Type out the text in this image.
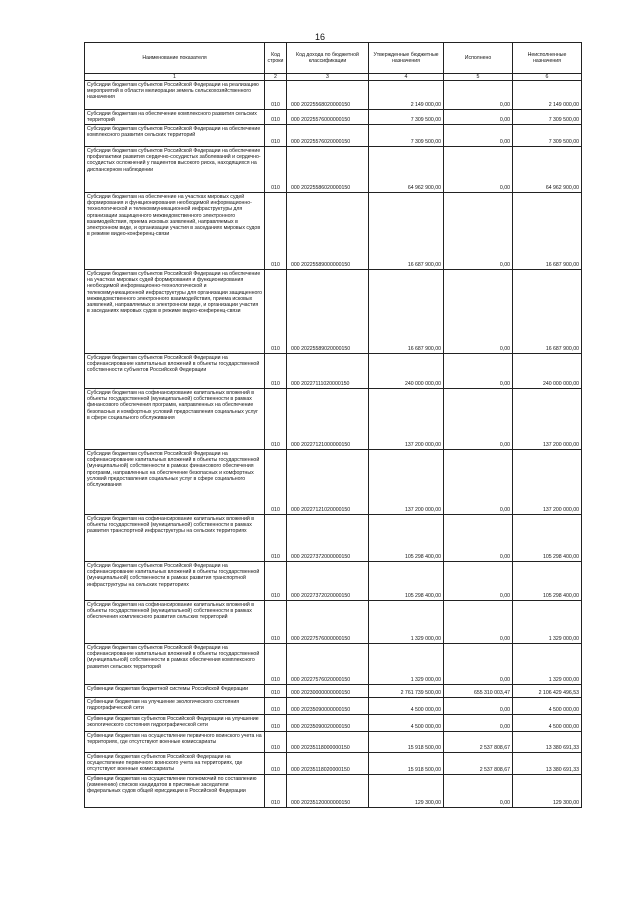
16
Наименование показателя	Код строки	Код дохода по бюджетной классификации	Утвержденные бюджетные назначения	Исполнено	Неисполненные назначения
1	2	3	4	5	6
Субсидии бюджетам субъектов Российской Федерации на реализацию мероприятий в области мелиорации земель сельскохозяйственного назначения	010	000 20225568020000150	2 149 000,00	0,00	2 149 000,00
Субсидии бюджетам на обеспечение комплексного развития сельских территорий	010	000 20225576000000150	7 309 500,00	0,00	7 309 500,00
Субсидии бюджетам субъектов Российской Федерации на обеспечение комплексного развития сельских территорий	010	000 20225576020000150	7 309 500,00	0,00	7 309 500,00
Субсидии бюджетам субъектов Российской Федерации на обеспечение профилактики развития сердечно-сосудистых заболеваний и сердечно-сосудистых осложнений у пациентов высокого риска, находящихся на диспансерном наблюдении	010	000 20225586020000150	64 962 900,00	0,00	64 962 900,00
Субсидии бюджетам на обеспечение на участках мировых судей формирования и функционирования необходимой информационно-технологической и телекоммуникационной инфраструктуры для организации защищенного межведомственного электронного взаимодействия, приема исковых заявлений, направляемых в электронном виде, и организации участия в заседаниях мировых судов в режиме видео-конференц-связи	010	000 20225589000000150	16 687 900,00	0,00	16 687 900,00
Субсидии бюджетам субъектов Российской Федерации на обеспечение на участках мировых судей формирования и функционирования необходимой информационно-технологической и телекоммуникационной инфраструктуры для организации защищенного межведомственного электронного взаимодействия, приема исковых заявлений, направляемых в электронном виде, и организации участия в заседаниях мировых судов в режиме видео-конференц-связи	010	000 20225589020000150	16 687 900,00	0,00	16 687 900,00
Субсидии бюджетам субъектов Российской Федерации на софинансирование капитальных вложений в объекты государственной собственности субъектов Российской Федерации	010	000 20227111020000150	240 000 000,00	0,00	240 000 000,00
Субсидии бюджетам на софинансирование капитальных вложений в объекты государственной (муниципальной) собственности в рамках финансового обеспечения программ, направленных на обеспечение безопасных и комфортных условий предоставления социальных услуг в сфере социального обслуживания	010	000 20227121000000150	137 200 000,00	0,00	137 200 000,00
Субсидии бюджетам субъектов Российской Федерации на софинансирование капитальных вложений в объекты государственной (муниципальной) собственности в рамках финансового обеспечения программ, направленных на обеспечение безопасных и комфортных условий предоставления социальных услуг в сфере социального обслуживания	010	000 20227121020000150	137 200 000,00	0,00	137 200 000,00
Субсидии бюджетам на софинансирование капитальных вложений в объекты государственной (муниципальной) собственности в рамках развития транспортной инфраструктуры на сельских территориях	010	000 20227372000000150	105 298 400,00	0,00	105 298 400,00
Субсидии бюджетам субъектов Российской Федерации на софинансирование капитальных вложений в объекты государственной (муниципальной) собственности в рамках развития транспортной инфраструктуры на сельских территориях	010	000 20227372020000150	105 298 400,00	0,00	105 298 400,00
Субсидии бюджетам на софинансирование капитальных вложений в объекты государственной (муниципальной) собственности в рамках обеспечения комплексного развития сельских территорий	010	000 20227576000000150	1 329 000,00	0,00	1 329 000,00
Субсидии бюджетам субъектов Российской Федерации на софинансирование капитальных вложений в объекты государственной (муниципальной) собственности в рамках обеспечения комплексного развития сельских территорий	010	000 20227576020000150	1 329 000,00	0,00	1 329 000,00
Субвенции бюджетам бюджетной системы Российской Федерации	010	000 20230000000000150	2 761 739 500,00	655 310 003,47	2 106 429 496,53
Субвенции бюджетам на улучшение экологического состояния гидрографической сети	010	000 20235090000000150	4 500 000,00	0,00	4 500 000,00
Субвенции бюджетам субъектов Российской Федерации на улучшение экологического состояния гидрографической сети	010	000 20235090020000150	4 500 000,00	0,00	4 500 000,00
Субвенции бюджетам на осуществление первичного воинского учета на территориях, где отсутствуют военные комиссариаты	010	000 20235118000000150	15 918 500,00	2 537 808,67	13 380 691,33
Субвенции бюджетам субъектов Российской Федерации на осуществление первичного воинского учета на территориях, где отсутствуют военные комиссариаты	010	000 20235118020000150	15 918 500,00	2 537 808,67	13 380 691,33
Субвенции бюджетам на осуществление полномочий по составлению (изменению) списков кандидатов в присяжные заседатели федеральных судов общей юрисдикции в Российской Федерации	010	000 20235120000000150	129 300,00	0,00	129 300,00
